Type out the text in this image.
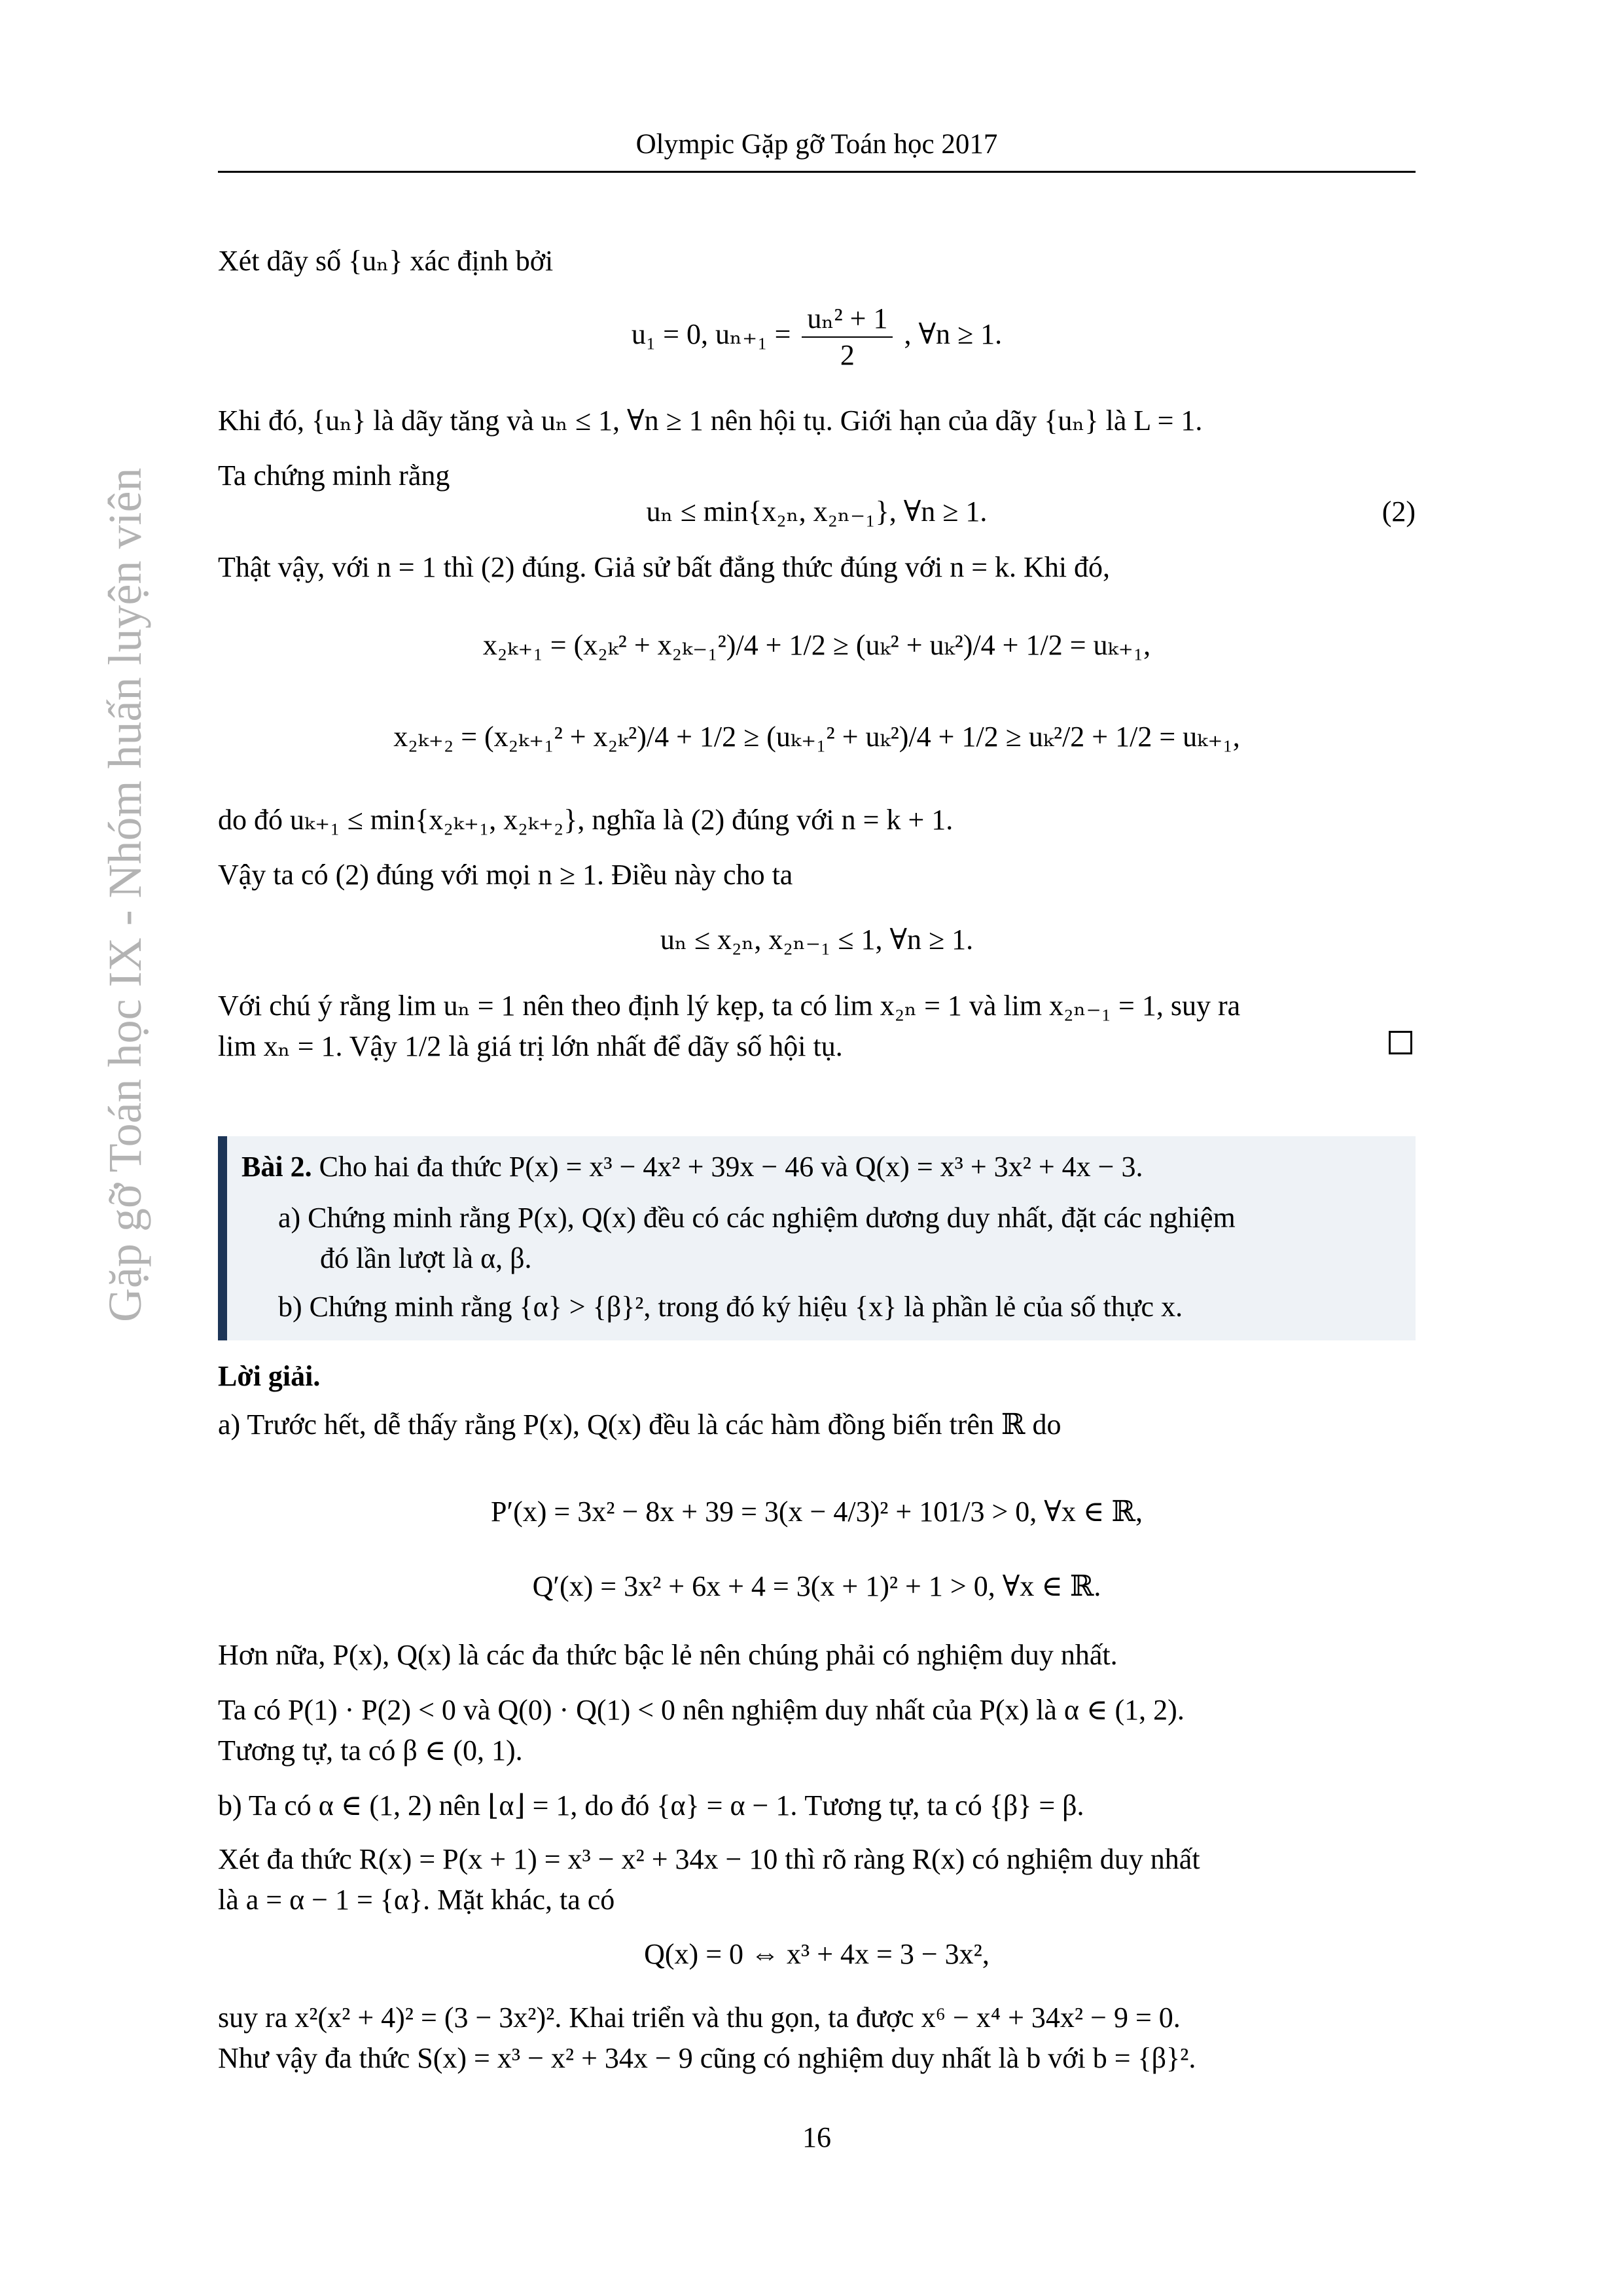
Olympic Gặp gỡ Toán học 2017
Gặp gỡ Toán học IX - Nhóm huấn luyện viên
Xét dãy số {uₙ} xác định bởi
u₁ = 0, $u_{n+1} = \frac{\text{uₙ² + 1}}{2}$ , ∀n ≥ 1.
Khi đó, {uₙ} là dãy tăng và uₙ ≤ 1, ∀n ≥ 1 nên hội tụ. Giới hạn của dãy {uₙ} là L = 1.
Ta chứng minh rằng
uₙ ≤ min{x₂ₙ, x₂ₙ₋₁}, ∀n ≥ 1.	(2)
Thật vậy, với n = 1 thì (2) đúng. Giả sử bất đẳng thức đúng với n = k. Khi đó,
x₂ₖ₊₁ = (x₂ₖ² + x₂ₖ₋₁²)/4 + 1/2 ≥ (uₖ² + uₖ²)/4 + 1/2 = uₖ₊₁,
x₂ₖ₊₂ = (x₂ₖ₊₁² + x₂ₖ²)/4 + 1/2 ≥ (uₖ₊₁² + uₖ²)/4 + 1/2 ≥ uₖ²/2 + 1/2 = uₖ₊₁,
do đó uₖ₊₁ ≤ min{x₂ₖ₊₁, x₂ₖ₊₂}, nghĩa là (2) đúng với n = k + 1.
Vậy ta có (2) đúng với mọi n ≥ 1. Điều này cho ta
uₙ ≤ x₂ₙ, x₂ₙ₋₁ ≤ 1, ∀n ≥ 1.
Với chú ý rằng lim uₙ = 1 nên theo định lý kẹp, ta có lim x₂ₙ = 1 và lim x₂ₙ₋₁ = 1, suy ra
lim xₙ = 1. Vậy 1/2 là giá trị lớn nhất để dãy số hội tụ.
Bài 2. Cho hai đa thức P(x) = x³ − 4x² + 39x − 46 và Q(x) = x³ + 3x² + 4x − 3.
a) Chứng minh rằng P(x), Q(x) đều có các nghiệm dương duy nhất, đặt các nghiệm
đó lần lượt là α, β.
b) Chứng minh rằng {α} > {β}², trong đó ký hiệu {x} là phần lẻ của số thực x.
Lời giải.
a) Trước hết, dễ thấy rằng P(x), Q(x) đều là các hàm đồng biến trên ℝ do
P′(x) = 3x² − 8x + 39 = 3(x − 4/3)² + 101/3 > 0, ∀x ∈ ℝ,
Q′(x) = 3x² + 6x + 4 = 3(x + 1)² + 1 > 0, ∀x ∈ ℝ.
Hơn nữa, P(x), Q(x) là các đa thức bậc lẻ nên chúng phải có nghiệm duy nhất.
Ta có P(1) · P(2) < 0 và Q(0) · Q(1) < 0 nên nghiệm duy nhất của P(x) là α ∈ (1, 2).
Tương tự, ta có β ∈ (0, 1).
b) Ta có α ∈ (1, 2) nên ⌊α⌋ = 1, do đó {α} = α − 1. Tương tự, ta có {β} = β.
Xét đa thức R(x) = P(x + 1) = x³ − x² + 34x − 10 thì rõ ràng R(x) có nghiệm duy nhất
là a = α − 1 = {α}. Mặt khác, ta có
Q(x) = 0 ⇔ x³ + 4x = 3 − 3x²,
suy ra x²(x² + 4)² = (3 − 3x²)². Khai triển và thu gọn, ta được x⁶ − x⁴ + 34x² − 9 = 0.
Như vậy đa thức S(x) = x³ − x² + 34x − 9 cũng có nghiệm duy nhất là b với b = {β}².
16
